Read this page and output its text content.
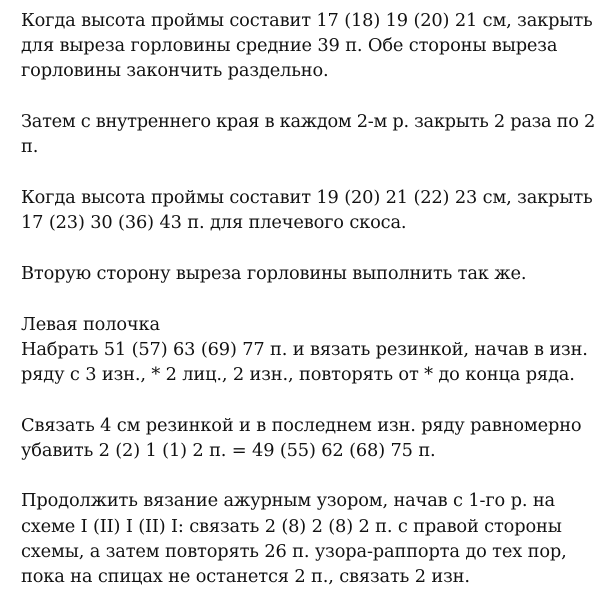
Когда высота проймы составит 17 (18) 19 (20) 21 см, закрыть
для выреза горловины средние 39 п. Обе стороны выреза
горловины закончить раздельно.
Затем с внутреннего края в каждом 2-м р. закрыть 2 раза по 2
п.
Когда высота проймы составит 19 (20) 21 (22) 23 см, закрыть
17 (23) 30 (36) 43 п. для плечевого скоса.
Вторую сторону выреза горловины выполнить так же.
Левая полочка
Набрать 51 (57) 63 (69) 77 п. и вязать резинкой, начав в изн.
ряду с 3 изн., * 2 лиц., 2 изн., повторять от * до конца ряда.
Связать 4 см резинкой и в последнем изн. ряду равномерно
убавить 2 (2) 1 (1) 2 п. = 49 (55) 62 (68) 75 п.
Продолжить вязание ажурным узором, начав с 1-го р. на
схеме I (II) I (II) I: связать 2 (8) 2 (8) 2 п. с правой стороны
схемы, а затем повторять 26 п. узора-раппорта до тех пор,
пока на спицах не останется 2 п., связать 2 изн.
